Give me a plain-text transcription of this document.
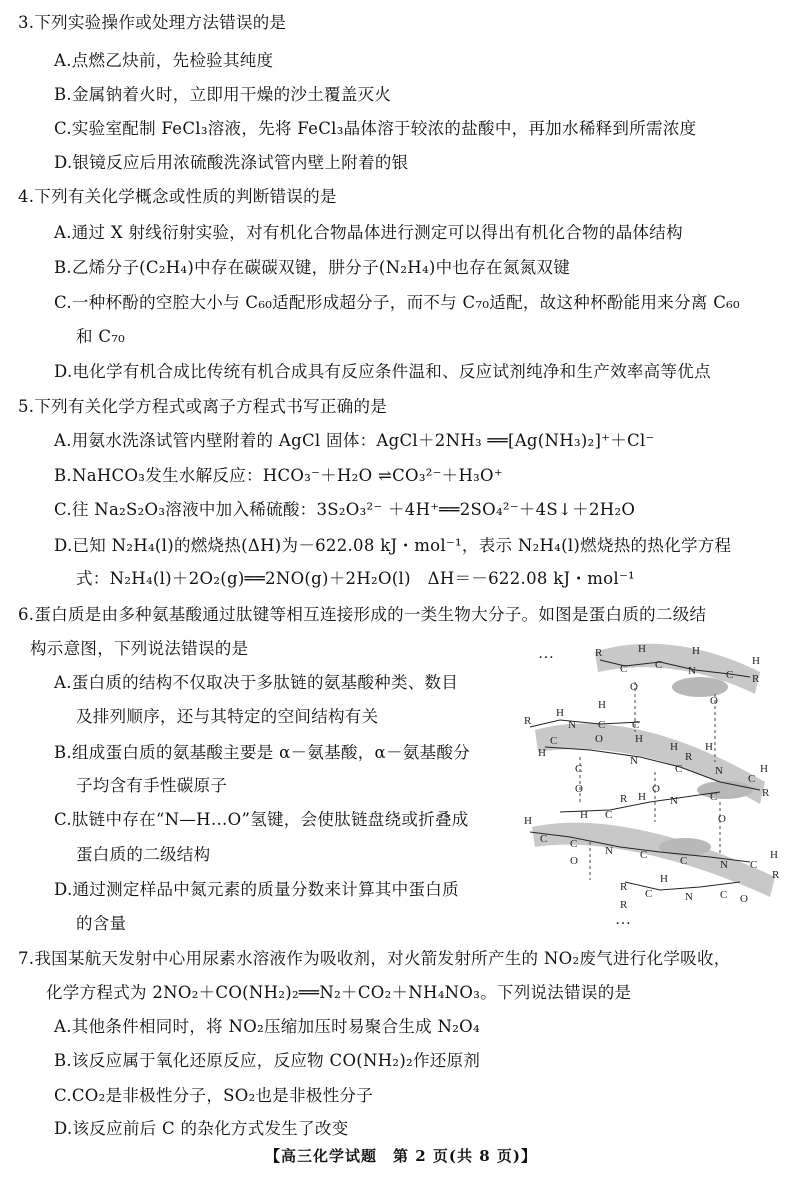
3.下列实验操作或处理方法错误的是
A.点燃乙炔前，先检验其纯度
B.金属钠着火时，立即用干燥的沙土覆盖灭火
C.实验室配制 FeCl₃溶液，先将 FeCl₃晶体溶于较浓的盐酸中，再加水稀释到所需浓度
D.银镜反应后用浓硫酸洗涤试管内壁上附着的银
4.下列有关化学概念或性质的判断错误的是
A.通过 X 射线衍射实验，对有机化合物晶体进行测定可以得出有机化合物的晶体结构
B.乙烯分子(C₂H₄)中存在碳碳双键，肼分子(N₂H₄)中也存在氮氮双键
C.一种杯酚的空腔大小与 C₆₀适配形成超分子，而不与 C₇₀适配，故这种杯酚能用来分离 C₆₀
和 C₇₀
D.电化学有机合成比传统有机合成具有反应条件温和、反应试剂纯净和生产效率高等优点
5.下列有关化学方程式或离子方程式书写正确的是
A.用氨水洗涤试管内壁附着的 AgCl 固体：AgCl＋2NH₃ ══[Ag(NH₃)₂]⁺＋Cl⁻
B.NaHCO₃发生水解反应：HCO₃⁻＋H₂O ⇌CO₃²⁻＋H₃O⁺
C.往 Na₂S₂O₃溶液中加入稀硫酸：3S₂O₃²⁻ ＋4H⁺══2SO₄²⁻＋4S↓＋2H₂O
D.已知 N₂H₄(l)的燃烧热(ΔH)为－622.08 kJ・mol⁻¹，表示 N₂H₄(l)燃烧热的热化学方程
式：N₂H₄(l)＋2O₂(g)══2NO(g)＋2H₂O(l)　ΔH＝－622.08 kJ・mol⁻¹
6.蛋白质是由多种氨基酸通过肽键等相互连接形成的一类生物大分子。如图是蛋白质的二级结
构示意图，下列说法错误的是
A.蛋白质的结构不仅取决于多肽链的氨基酸种类、数目
及排列顺序，还与其特定的空间结构有关
B.组成蛋白质的氨基酸主要是 α－氨基酸，α－氨基酸分
子均含有手性碳原子
C.肽链中存在“N—H…O”氢键，会使肽链盘绕或折叠成
蛋白质的二级结构
D.通过测定样品中氮元素的质量分数来计算其中蛋白质
的含量
…
…
R
C
H
C
O
N
H
C
H
R
O
R
H
N
H
C C
O
C
H
H
H
R
N
C
H
N
C
H
R
C
O
H
O
C
R H N	C
O
H
C C
O
N C	C	N C
H
R
R
C
R
H
N C O
7.我国某航天发射中心用尿素水溶液作为吸收剂，对火箭发射所产生的 NO₂废气进行化学吸收，
化学方程式为 2NO₂＋CO(NH₂)₂══N₂＋CO₂＋NH₄NO₃。下列说法错误的是
A.其他条件相同时，将 NO₂压缩加压时易聚合生成 N₂O₄
B.该反应属于氧化还原反应，反应物 CO(NH₂)₂作还原剂
C.CO₂是非极性分子，SO₂也是非极性分子
D.该反应前后 C 的杂化方式发生了改变
【高三化学试题　第 2 页(共 8 页)】
